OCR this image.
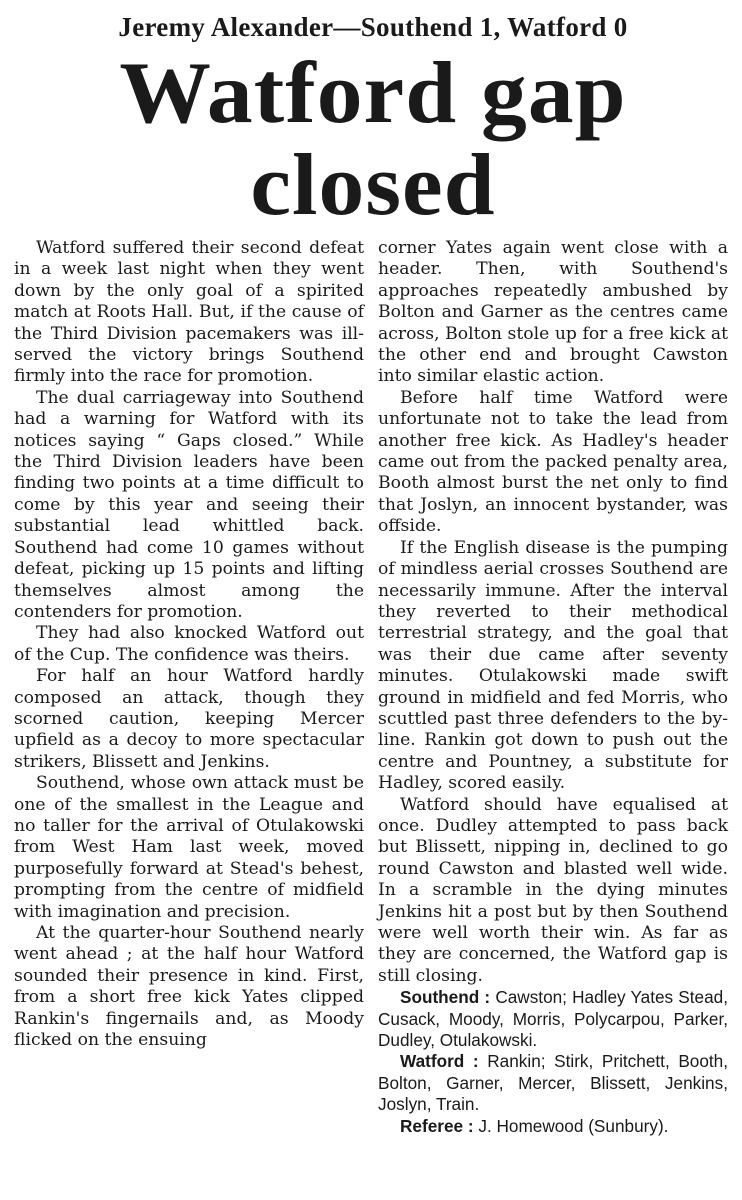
Jeremy Alexander—Southend 1, Watford 0
Watford gap closed

Watford suffered their second defeat in a week last night when they went down by the only goal of a spirited match at Roots Hall. But, if the cause of the Third Division pacemakers was ill-served the victory brings Southend firmly into the race for promotion.

The dual carriageway into Southend had a warning for Watford with its notices saying “ Gaps closed.” While the Third Division leaders have been finding two points at a time difficult to come by this year and seeing their substantial lead whittled back. Southend had come 10 games without defeat, picking up 15 points and lifting themselves almost among the contenders for promotion.

They had also knocked Watford out of the Cup. The confidence was theirs.

For half an hour Watford hardly composed an attack, though they scorned caution, keeping Mercer upfield as a decoy to more spectacular strikers, Blissett and Jenkins.

Southend, whose own attack must be one of the smallest in the League and no taller for the arrival of Otulakowski from West Ham last week, moved purposefully forward at Stead's behest, prompting from the centre of midfield with imagination and precision.

At the quarter-hour Southend nearly went ahead ; at the half hour Watford sounded their presence in kind. First, from a short free kick Yates clipped Rankin's fingernails and, as Moody flicked on the ensuing

corner Yates again went close with a header. Then, with Southend's approaches repeatedly ambushed by Bolton and Garner as the centres came across, Bolton stole up for a free kick at the other end and brought Cawston into similar elastic action.

Before half time Watford were unfortunate not to take the lead from another free kick. As Hadley's header came out from the packed penalty area, Booth almost burst the net only to find that Joslyn, an innocent bystander, was offside.

If the English disease is the pumping of mindless aerial crosses Southend are necessarily immune. After the interval they reverted to their methodical terrestrial strategy, and the goal that was their due came after seventy minutes. Otulakowski made swift ground in midfield and fed Morris, who scuttled past three defenders to the by-line. Rankin got down to push out the centre and Pountney, a substitute for Hadley, scored easily.

Watford should have equalised at once. Dudley attempted to pass back but Blissett, nipping in, declined to go round Cawston and blasted well wide. In a scramble in the dying minutes Jenkins hit a post but by then Southend were well worth their win. As far as they are concerned, the Watford gap is still closing.

Southend : Cawston; Hadley Yates Stead, Cusack, Moody, Morris, Polycarpou, Parker, Dudley, Otulakowski.

Watford : Rankin; Stirk, Pritchett, Booth, Bolton, Garner, Mercer, Blissett, Jenkins, Joslyn, Train.

Referee : J. Homewood (Sunbury).
